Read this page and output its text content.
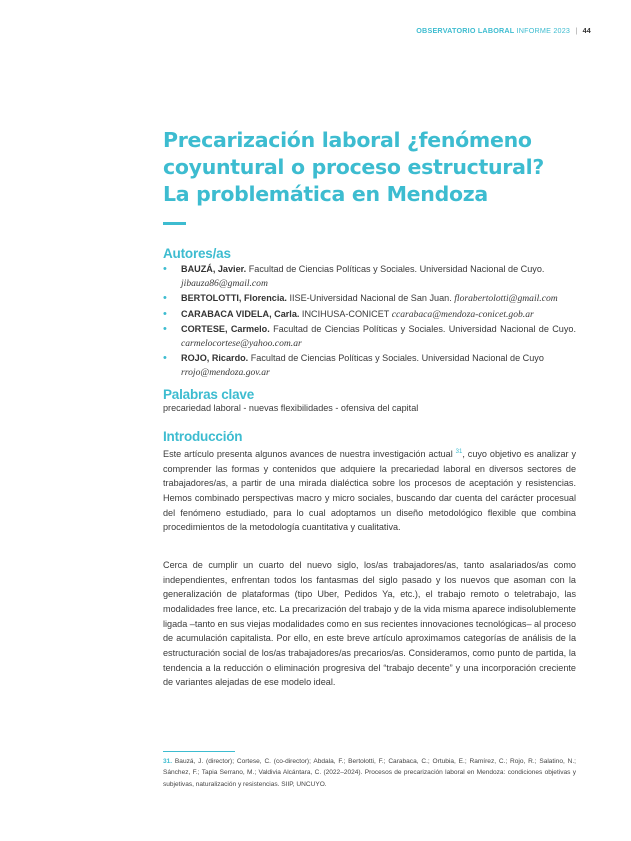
OBSERVATORIO LABORAL INFORME 2023 | 44
Precarización laboral ¿fenómeno
coyuntural o proceso estructural?
La problemática en Mendoza
Autores/as
• BAUZÁ, Javier. Facultad de Ciencias Políticas y Sociales. Universidad Nacional de Cuyo.
jibauza86@gmail.com
• BERTOLOTTI, Florencia. IISE-Universidad Nacional de San Juan. florabertolotti@gmail.com
• CARABACA VIDELA, Carla. INCIHUSA-CONICET ccarabaca@mendoza-conicet.gob.ar
• CORTESE, Carmelo. Facultad de Ciencias Políticas y Sociales. Universidad Nacional de Cuyo. carmelocortese@yahoo.com.ar
• ROJO, Ricardo. Facultad de Ciencias Políticas y Sociales. Universidad Nacional de Cuyo
rrojo@mendoza.gov.ar
Palabras clave
precariedad laboral - nuevas flexibilidades - ofensiva del capital
Introducción

Este artículo presenta algunos avances de nuestra investigación actual $^{31}$, cuyo objetivo es analizar y comprender las formas y contenidos que adquiere la precariedad laboral en diversos sectores de trabajadores/as, a partir de una mirada dialéctica sobre los procesos de aceptación y resistencias. Hemos combinado perspectivas macro y micro sociales, buscando dar cuenta del carácter procesual del fenómeno estudiado, para lo cual adoptamos un diseño metodológico flexible que combina procedimientos de la metodología cuantitativa y cualitativa.

Cerca de cumplir un cuarto del nuevo siglo, los/as trabajadores/as, tanto asalariados/as como independientes, enfrentan todos los fantasmas del siglo pasado y los nuevos que asoman con la generalización de plataformas (tipo Uber, Pedidos Ya, etc.), el trabajo remoto o teletrabajo, las modalidades free lance, etc. La precarización del trabajo y de la vida misma aparece indisolublemente ligada –tanto en sus viejas modalidades como en sus recientes innovaciones tecnológicas– al proceso de acumulación capitalista. Por ello, en este breve artículo aproximamos categorías de análisis de la estructuración social de los/as trabajadores/as precarios/as. Consideramos, como punto de partida, la tendencia a la reducción o eliminación progresiva del “trabajo decente” y una incorporación creciente de variantes alejadas de ese modelo ideal.

31. Bauzá, J. (director); Cortese, C. (co-director); Abdala, F.; Bertolotti, F.; Carabaca, C.; Ortubia, E.; Ramírez, C.; Rojo, R.; Salatino, N.; Sánchez, F.; Tapia Serrano, M.; Valdivia Alcántara, C. (2022–2024). Procesos de precarización laboral en Mendoza: condiciones objetivas y subjetivas, naturalización y resistencias. SIIP, UNCUYO.
